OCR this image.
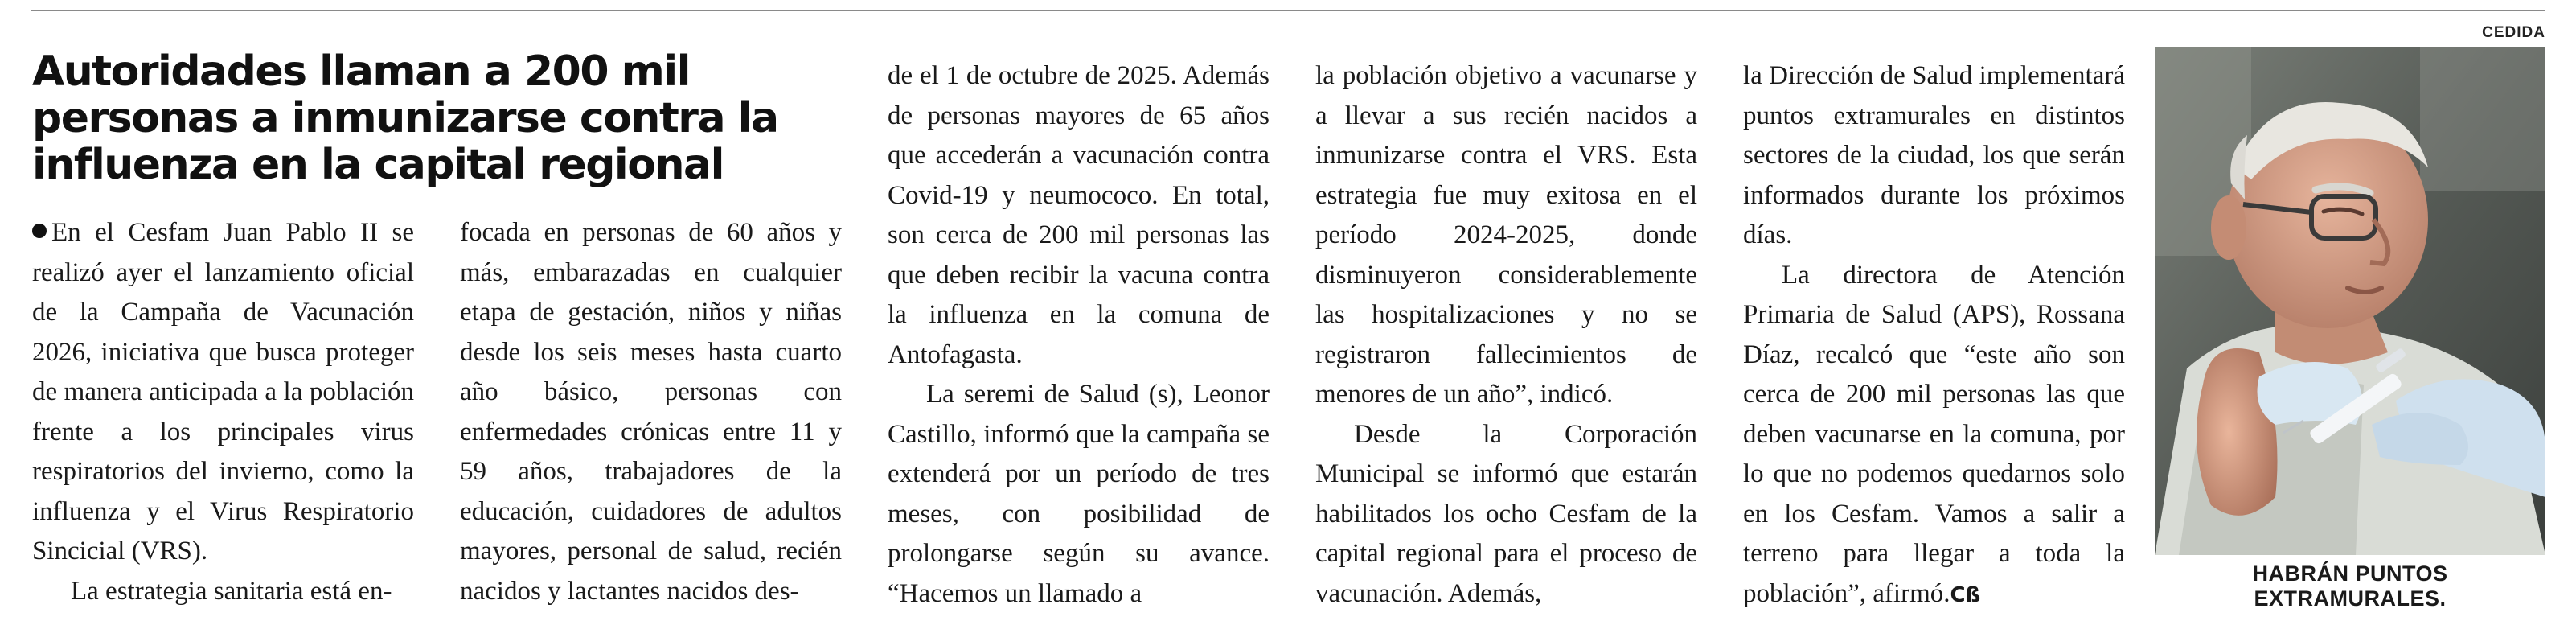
Autoridades llaman a 200 mil personas a inmunizarse contra la influenza en la capital regional

En el Cesfam Juan Pablo II se realizó ayer el lanzamiento oficial de la Campaña de Vacunación 2026, iniciativa que busca proteger de manera anticipada a la población frente a los principales virus respiratorios del invierno, como la influenza y el Virus Respiratorio Sincicial (VRS).

La estrategia sanitaria está en-

focada en personas de 60 años y más, embarazadas en cualquier etapa de gestación, niños y niñas desde los seis meses hasta cuarto año básico, personas con enfermedades crónicas entre 11 y 59 años, trabajadores de la educación, cuidadores de adultos mayores, personal de salud, recién nacidos y lactantes nacidos des-

de el 1 de octubre de 2025. Además de personas mayores de 65 años que accederán a vacunación contra Covid-19 y neumococo. En total, son cerca de 200 mil personas las que deben recibir la vacuna contra la influenza en la comuna de Antofagasta.

La seremi de Salud (s), Leonor Castillo, informó que la campaña se extenderá por un período de tres meses, con posibilidad de prolongarse según su avance. “Hacemos un llamado a

la población objetivo a vacunarse y a llevar a sus recién nacidos a inmunizarse contra el VRS. Esta estrategia fue muy exitosa en el período 2024-2025, donde disminuyeron considerablemente las hospitalizaciones y no se registraron fallecimientos de menores de un año”, indicó.

Desde la Corporación Municipal se informó que estarán habilitados los ocho Cesfam de la capital regional para el proceso de vacunación. Además,

la Dirección de Salud implementará puntos extramurales en distintos sectores de la ciudad, los que serán informados durante los próximos días.

La directora de Atención Primaria de Salud (APS), Rossana Díaz, recalcó que “este año son cerca de 200 mil personas las que deben vacunarse en la comuna, por lo que no podemos quedarnos solo en los Cesfam. Vamos a salir a terreno para llegar a toda la población”, afirmó.Cß

CEDIDA
HABRÁN PUNTOS EXTRAMURALES.
